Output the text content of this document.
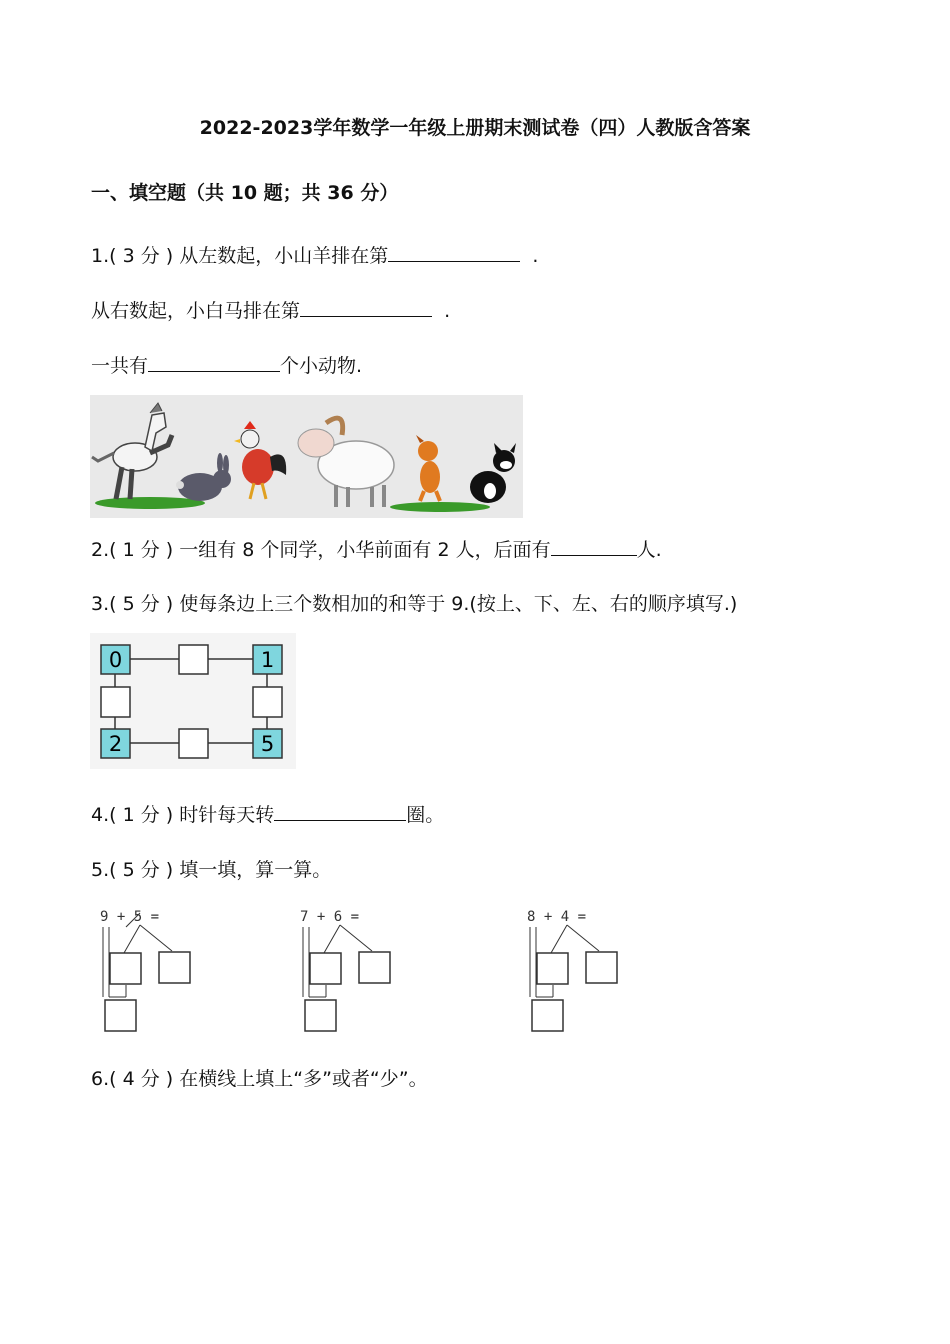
2022-2023学年数学一年级上册期末测试卷（四）人教版含答案
一、填空题（共 10 题；共 36 分）
1.( 3 分 ) 从左数起，小山羊排在第	.
从右数起，小白马排在第	.
一共有	个小动物.
2.( 1 分 ) 一组有 8 个同学，小华前面有 2 人，后面有	人.
3.( 5 分 ) 使每条边上三个数相加的和等于 9.(按上、下、左、右的顺序填写.)
0	1
2	5
4.( 1 分 ) 时针每天转	圈。
5.( 5 分 ) 填一填，算一算。
9 + 5 =	7 + 6 =	8 + 4 =
6.( 4 分 ) 在横线上填上“多”或者“少”。
